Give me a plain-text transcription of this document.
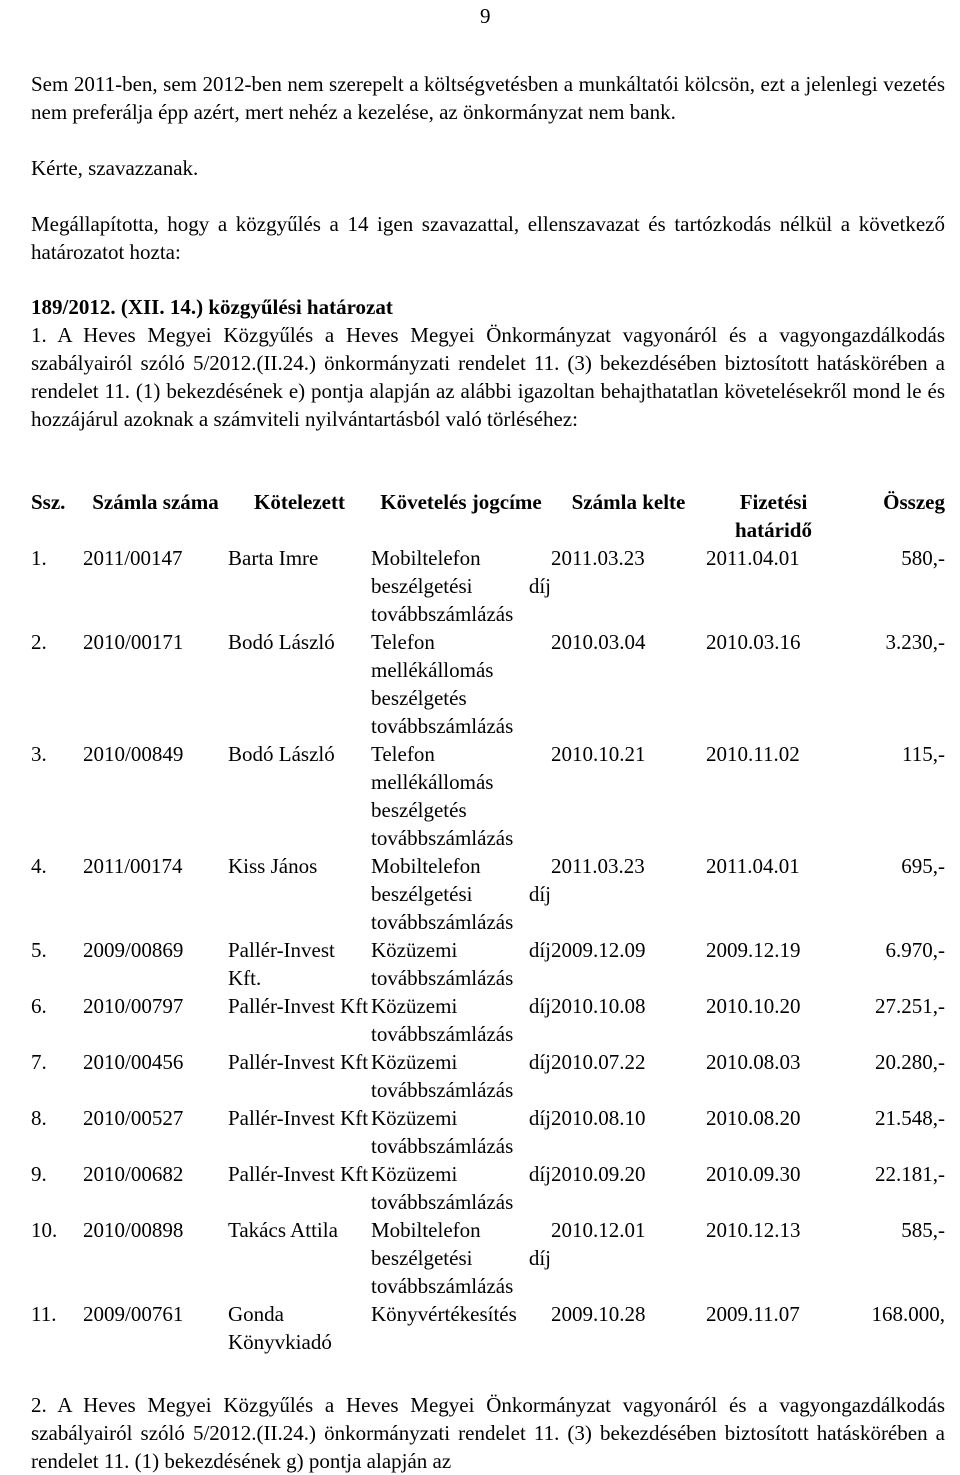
9

Sem 2011-ben, sem 2012-ben nem szerepelt a költségvetésben a munkáltatói kölcsön, ezt a jelenlegi vezetés nem preferálja épp azért, mert nehéz a kezelése, az önkormányzat nem bank.

Kérte, szavazzanak.

Megállapította, hogy a közgyűlés a 14 igen szavazattal, ellenszavazat és tartózkodás nélkül a következő határozatot hozta:

189/2012. (XII. 14.) közgyűlési határozat

1. A Heves Megyei Közgyűlés a Heves Megyei Önkormányzat vagyonáról és a vagyongazdálkodás szabályairól szóló 5/2012.(II.24.) önkormányzati rendelet 11. (3) bekezdésében biztosított hatáskörében a rendelet 11. (1) bekezdésének e) pontja alapján az alábbi igazoltan behajthatatlan követelésekről mond le és hozzájárul azoknak a számviteli nyilvántartásból való törléséhez:

Ssz.	Számla száma	Kötelezett	Követelés jogcíme	Számla kelte	Fizetési határidő	Összeg
1.	2011/00147	Barta Imre	Mobiltelefon beszélgetési díj továbbszámlázás	2011.03.23	2011.04.01	580,-
2.	2010/00171	Bodó László	Telefon mellékállomás beszélgetés továbbszámlázás	2010.03.04	2010.03.16	3.230,-
3.	2010/00849	Bodó László	Telefon mellékállomás beszélgetés továbbszámlázás	2010.10.21	2010.11.02	115,-
4.	2011/00174	Kiss János	Mobiltelefon beszélgetési díj továbbszámlázás	2011.03.23	2011.04.01	695,-
5.	2009/00869	Pallér-Invest Kft.	Közüzemi díj továbbszámlázás	2009.12.09	2009.12.19	6.970,-
6.	2010/00797	Pallér-Invest Kft	Közüzemi díj továbbszámlázás	2010.10.08	2010.10.20	27.251,-
7.	2010/00456	Pallér-Invest Kft	Közüzemi díj továbbszámlázás	2010.07.22	2010.08.03	20.280,-
8.	2010/00527	Pallér-Invest Kft	Közüzemi díj továbbszámlázás	2010.08.10	2010.08.20	21.548,-
9.	2010/00682	Pallér-Invest Kft	Közüzemi díj továbbszámlázás	2010.09.20	2010.09.30	22.181,-
10.	2010/00898	Takács Attila	Mobiltelefon beszélgetési díj továbbszámlázás	2010.12.01	2010.12.13	585,-
11.	2009/00761	Gonda Könyvkiadó	Könyvértékesítés	2009.10.28	2009.11.07	168.000,

2. A Heves Megyei Közgyűlés a Heves Megyei Önkormányzat vagyonáról és a vagyongazdálkodás szabályairól szóló 5/2012.(II.24.) önkormányzati rendelet 11. (3) bekezdésében biztosított hatáskörében a rendelet 11. (1) bekezdésének g) pontja alapján az
